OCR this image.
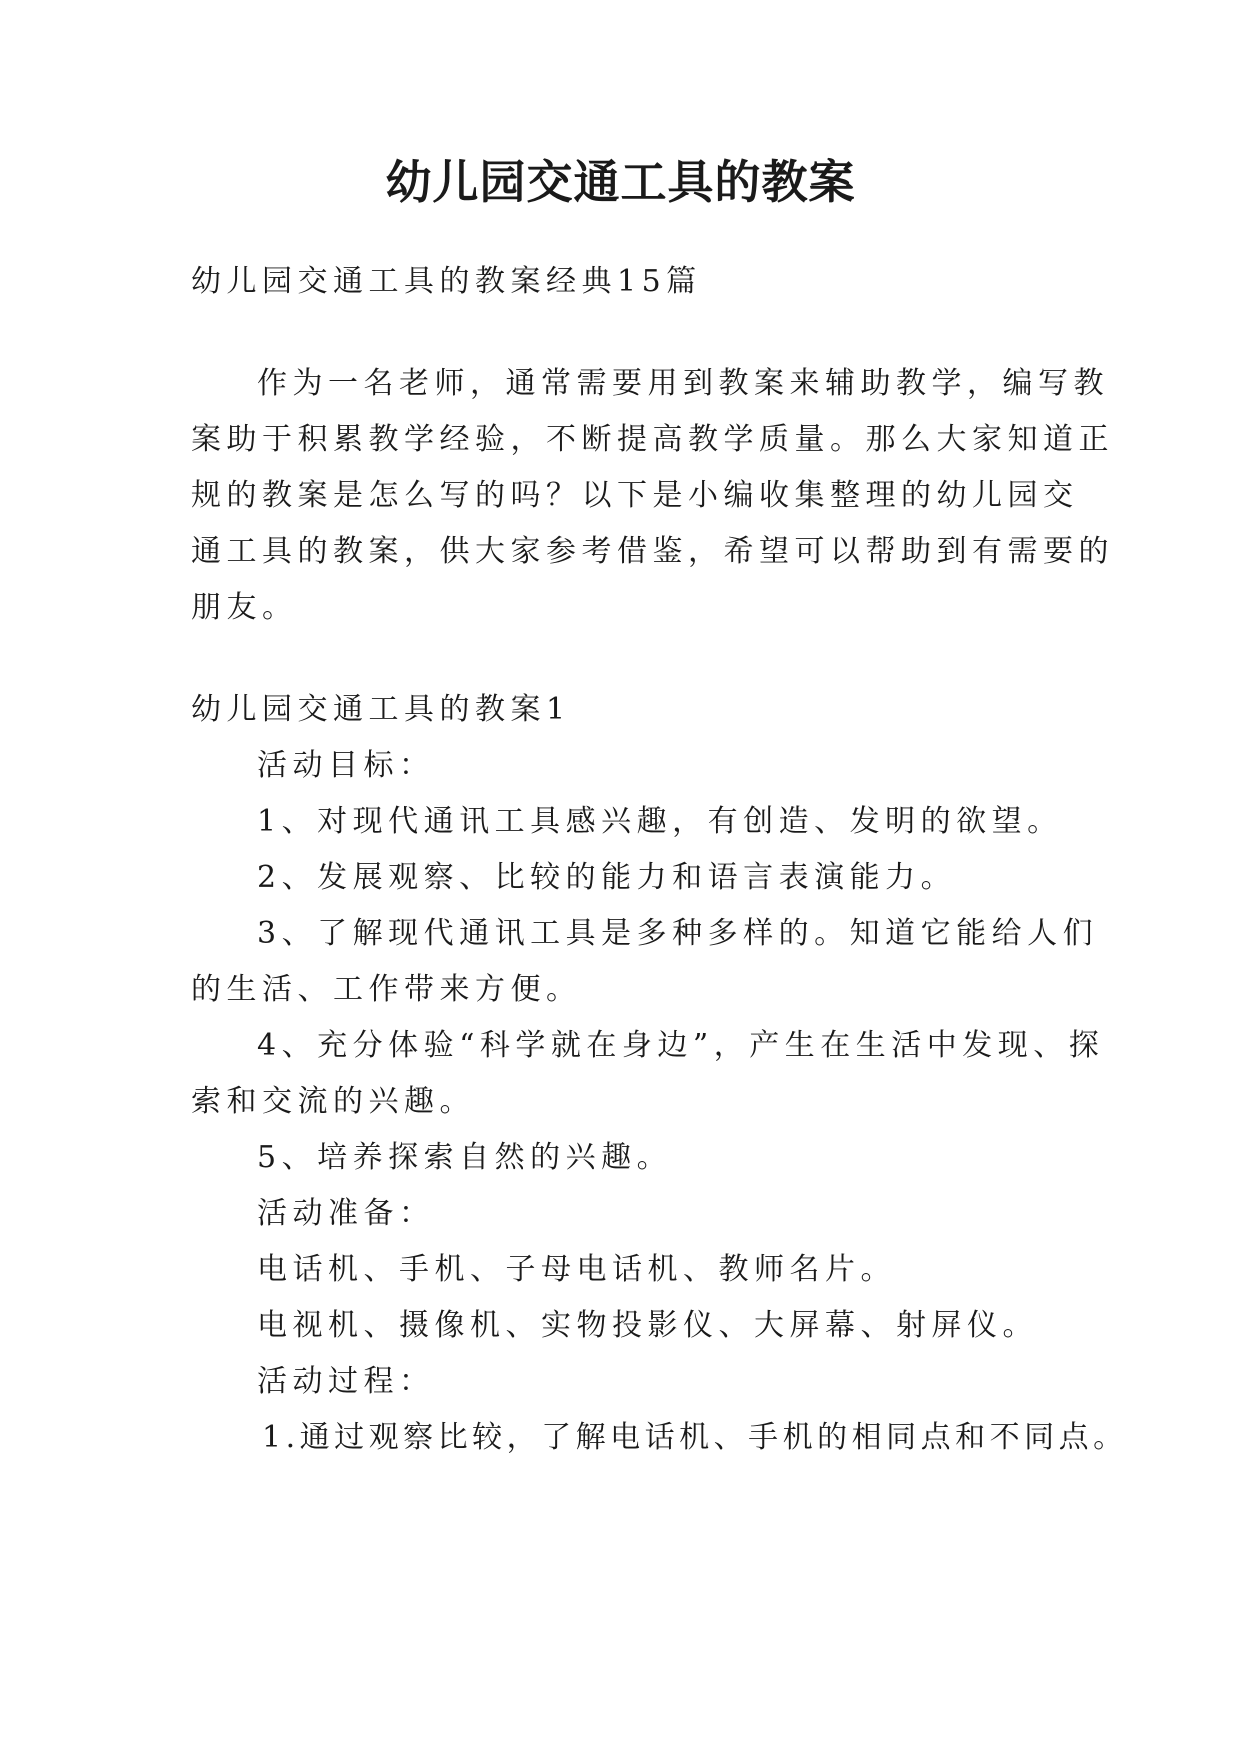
幼儿园交通工具的教案

幼儿园交通工具的教案经典15篇

作为一名老师，通常需要用到教案来辅助教学，编写教

案助于积累教学经验，不断提高教学质量。那么大家知道正

规的教案是怎么写的吗？以下是小编收集整理的幼儿园交

通工具的教案，供大家参考借鉴，希望可以帮助到有需要的

朋友。

幼儿园交通工具的教案1

活动目标：

1、对现代通讯工具感兴趣，有创造、发明的欲望。

2、发展观察、比较的能力和语言表演能力。

3、了解现代通讯工具是多种多样的。知道它能给人们

的生活、工作带来方便。

4、充分体验“科学就在身边”，产生在生活中发现、探

索和交流的兴趣。

5、培养探索自然的兴趣。

活动准备：

电话机、手机、子母电话机、教师名片。

电视机、摄像机、实物投影仪、大屏幕、射屏仪。

活动过程：

1.通过观察比较，了解电话机、手机的相同点和不同点。
